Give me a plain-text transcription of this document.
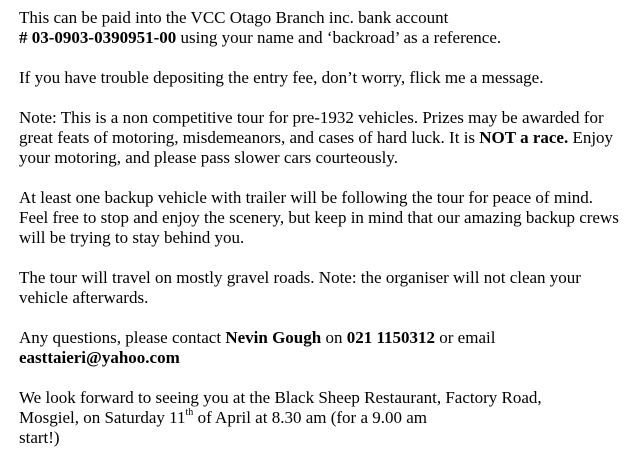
This can be paid into the VCC Otago Branch inc. bank account
# 03-0903-0390951-00 using your name and ‘backroad’ as a reference.

If you have trouble depositing the entry fee, don’t worry, flick me a message.

Note: This is a non competitive tour for pre-1932 vehicles. Prizes may be awarded for great feats of motoring, misdemeanors, and cases of hard luck. It is NOT a race. Enjoy your motoring, and please pass slower cars courteously.

At least one backup vehicle with trailer will be following the tour for peace of mind. Feel free to stop and enjoy the scenery, but keep in mind that our amazing backup crews will be trying to stay behind you.

The tour will travel on mostly gravel roads. Note: the organiser will not clean your vehicle afterwards.

Any questions, please contact Nevin Gough on 021 1150312 or email
easttaieri@yahoo.com

We look forward to seeing you at the Black Sheep Restaurant, Factory Road,
Mosgiel, on Saturday 11th of April at 8.30 am (for a 9.00 am
start!)
